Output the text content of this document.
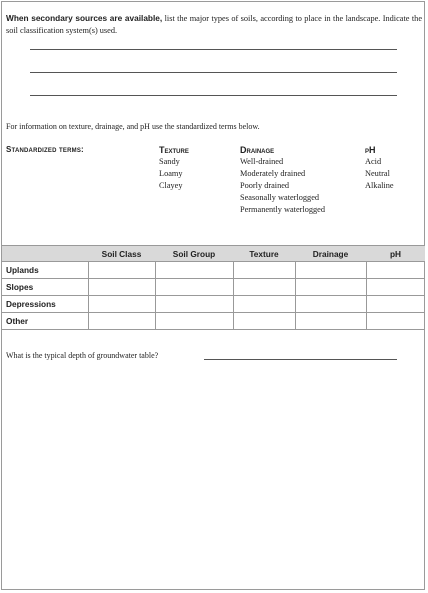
When secondary sources are available, list the major types of soils, according to place in the landscape. Indicate the soil classification system(s) used.
For information on texture, drainage, and pH use the standardized terms below.
Standardized terms:	Texture
Sandy
Loamy
Clayey
Drainage
Well-drained
Moderately drained
Poorly drained
Seasonally waterlogged
Permanently waterlogged
pH
Acid
Neutral
Alkaline
	Soil Class	Soil Group	Texture	Drainage	pH
Uplands					
Slopes					
Depressions					
Other					
What is the typical depth of groundwater table?
